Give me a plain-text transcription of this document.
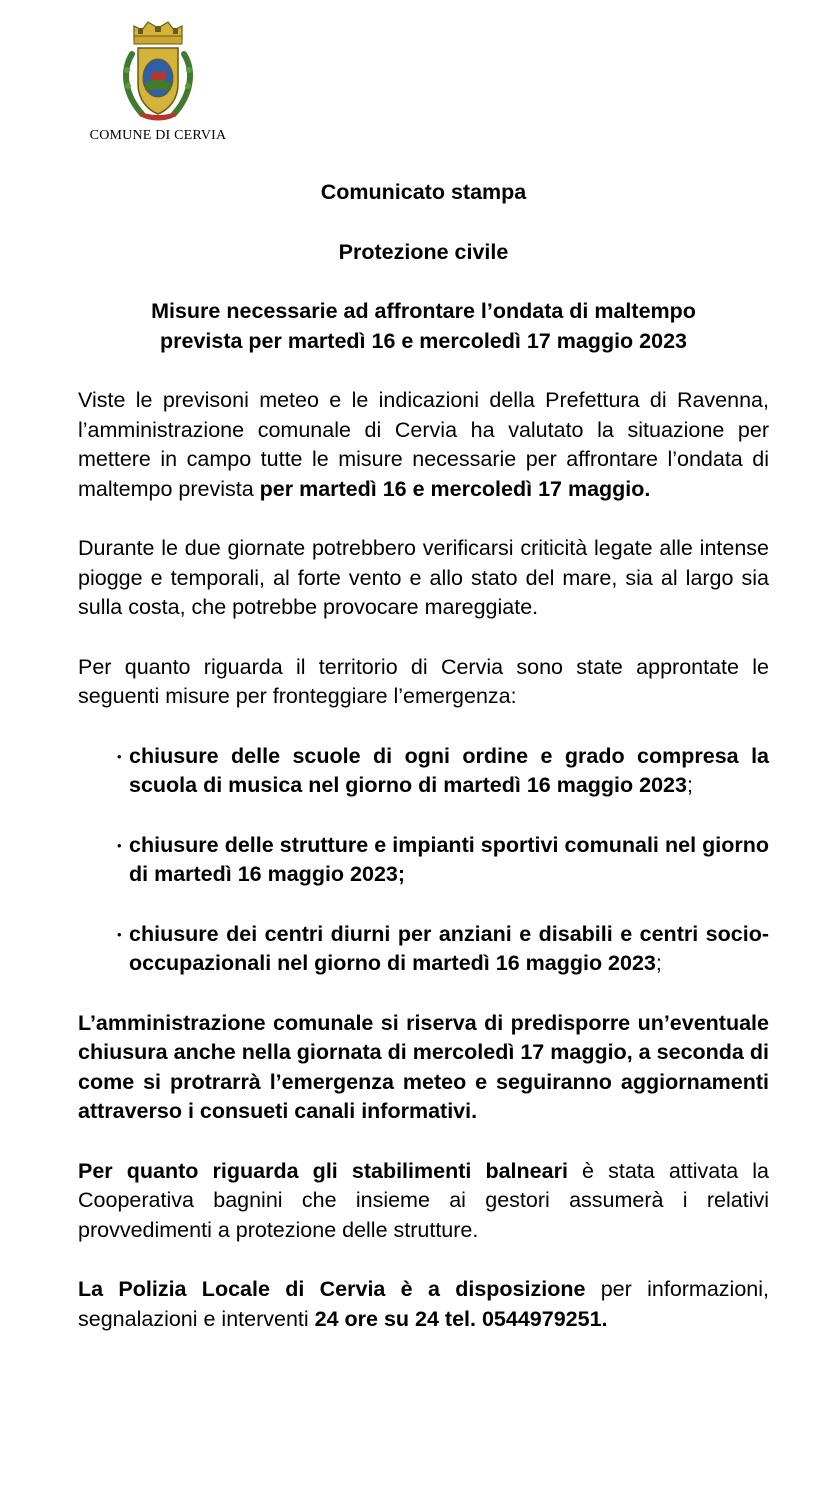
COMUNE DI CERVIA

Comunicato stampa

Protezione civile

Misure necessarie ad affrontare l’ondata di maltempo
prevista per martedì 16 e mercoledì 17 maggio 2023

Viste le previsoni meteo e le indicazioni della Prefettura di Ravenna, l’amministrazione comunale di Cervia ha valutato la situazione per mettere in campo tutte le misure necessarie per affrontare l’ondata di maltempo prevista per martedì 16 e mercoledì 17 maggio.

Durante le due giornate potrebbero verificarsi criticità legate alle intense piogge e temporali, al forte vento e allo stato del mare, sia al largo sia sulla costa, che potrebbe provocare mareggiate.

Per quanto riguarda il territorio di Cervia sono state approntate le seguenti misure per fronteggiare l’emergenza:

• chiusure delle scuole di ogni ordine e grado compresa la scuola di musica nel giorno di martedì 16 maggio 2023;
• chiusure delle strutture e impianti sportivi comunali nel giorno di martedì 16 maggio 2023;
• chiusure dei centri diurni per anziani e disabili e centri socio-occupazionali nel giorno di martedì 16 maggio 2023;

L’amministrazione comunale si riserva di predisporre un’eventuale chiusura anche nella giornata di mercoledì 17 maggio, a seconda di come si protrarrà l’emergenza meteo e seguiranno aggiornamenti attraverso i consueti canali informativi.

Per quanto riguarda gli stabilimenti balneari è stata attivata la Cooperativa bagnini che insieme ai gestori assumerà i relativi provvedimenti a protezione delle strutture.

La Polizia Locale di Cervia è a disposizione per informazioni, segnalazioni e interventi 24 ore su 24 tel. 0544979251.
